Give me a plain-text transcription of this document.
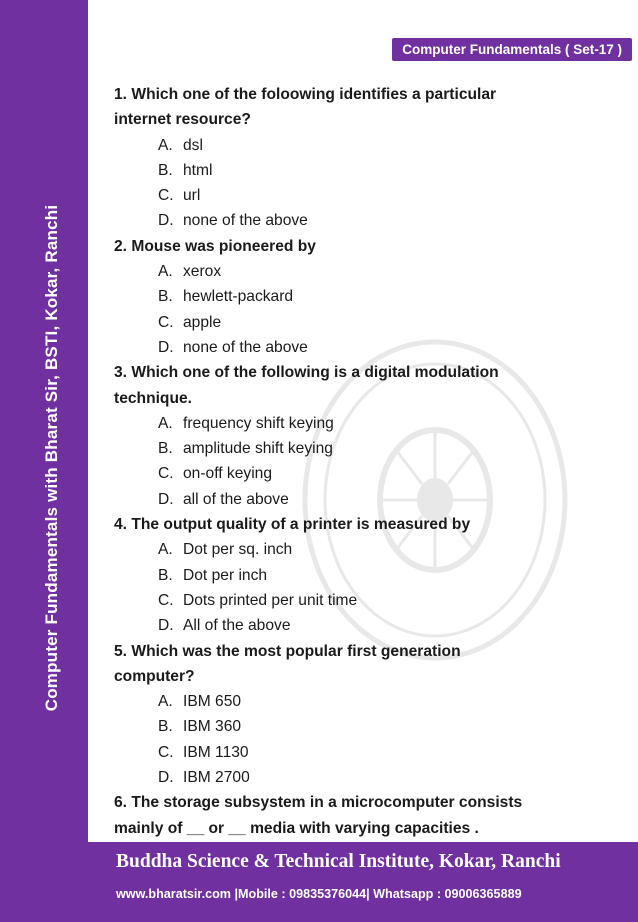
Computer Fundamentals with Bharat Sir, BSTI, Kokar, Ranchi
Computer Fundamentals ( Set-17 )
1. Which one of the foloowing identifies a particular
internet resource?
A. dsl
B. html
C. url
D. none of the above
2. Mouse was pioneered by
A. xerox
B. hewlett-packard
C. apple
D. none of the above
3. Which one of the following is a digital modulation
technique.
A. frequency shift keying
B. amplitude shift keying
C. on-off keying
D. all of the above
4. The output quality of a printer is measured by
A. Dot per sq. inch
B. Dot per inch
C. Dots printed per unit time
D. All of the above
5. Which was the most popular first generation
computer?
A. IBM 650
B. IBM 360
C. IBM 1130
D. IBM 2700
6. The storage subsystem in a microcomputer consists
mainly of __ or __ media with varying capacities .
Buddha Science & Technical Institute, Kokar, Ranchi
www.bharatsir.com |Mobile : 09835376044| Whatsapp : 09006365889
